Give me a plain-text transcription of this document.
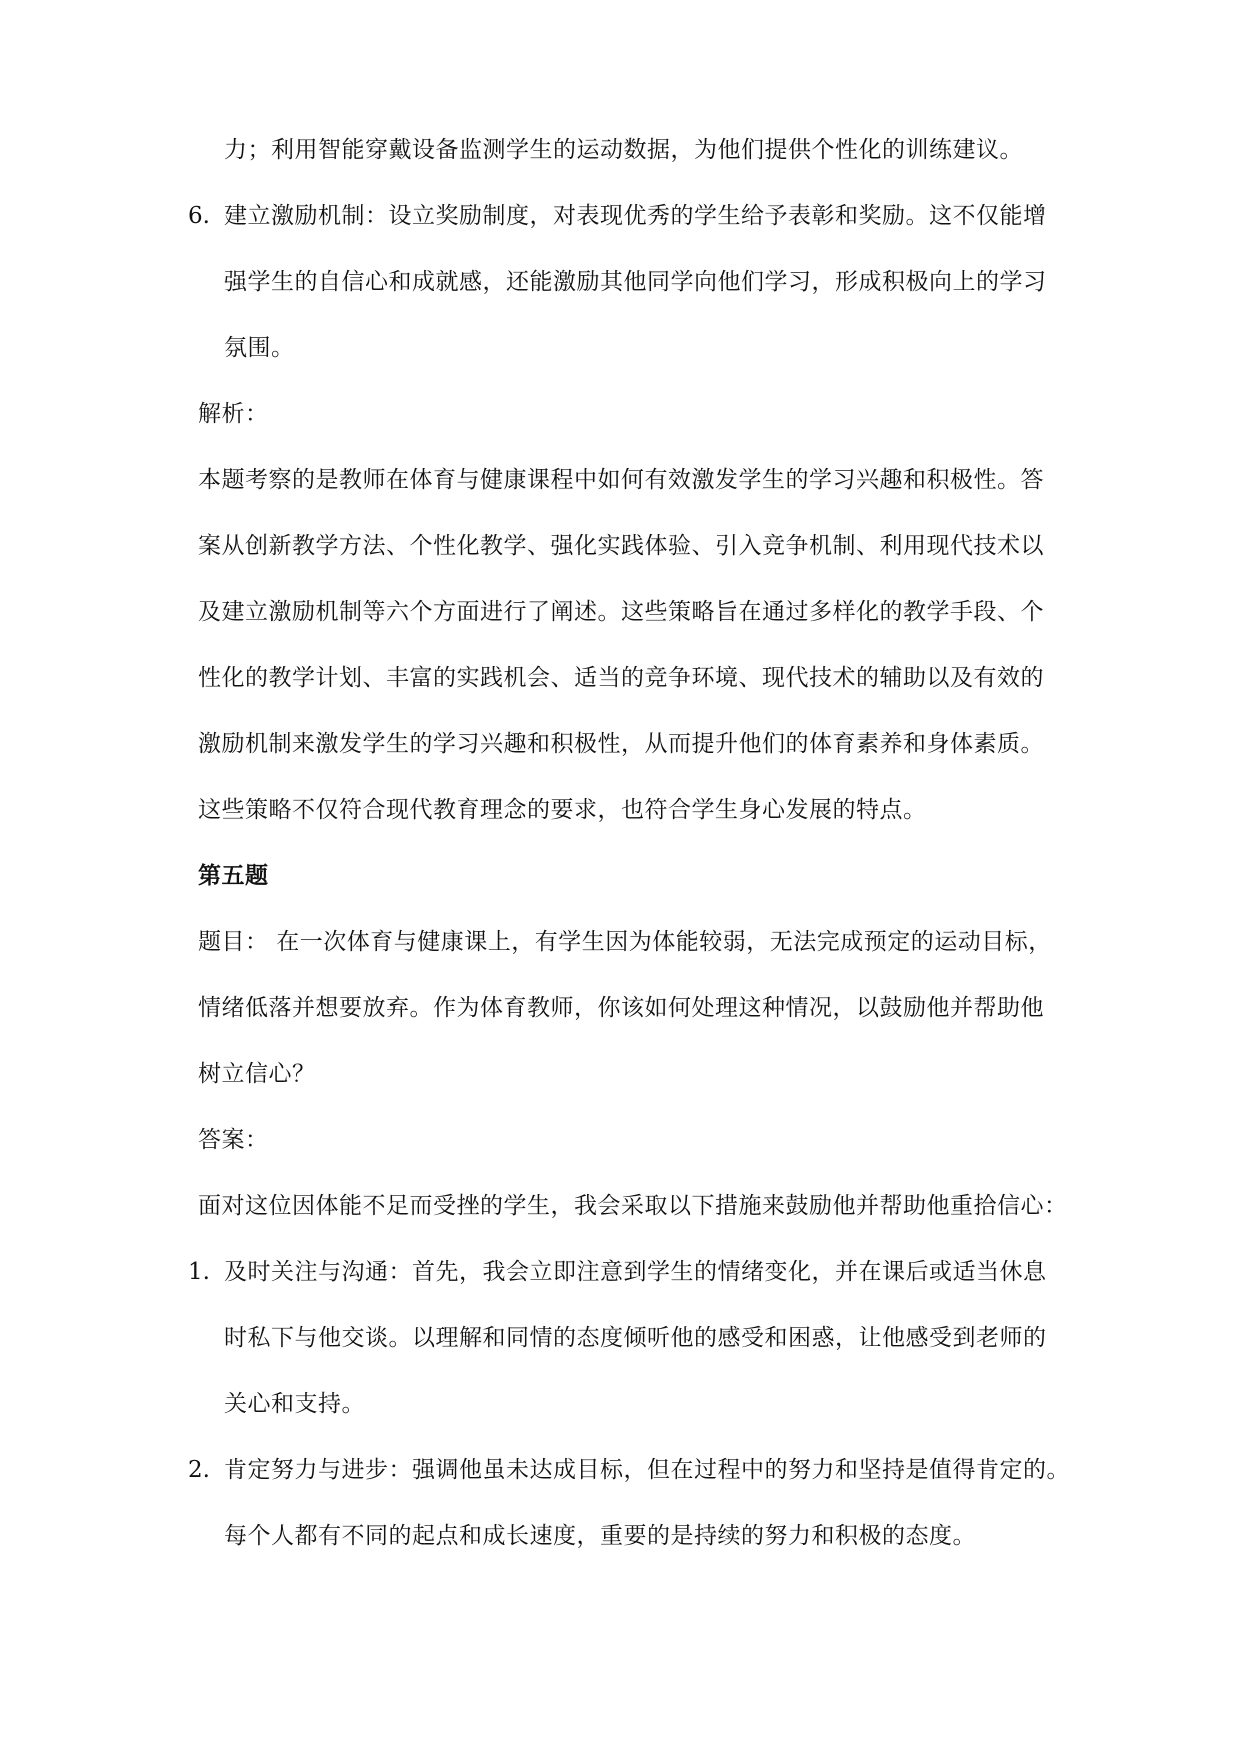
力；利用智能穿戴设备监测学生的运动数据，为他们提供个性化的训练建议。
6. 建立激励机制：设立奖励制度，对表现优秀的学生给予表彰和奖励。这不仅能增
强学生的自信心和成就感，还能激励其他同学向他们学习，形成积极向上的学习
氛围。
解析：
本题考察的是教师在体育与健康课程中如何有效激发学生的学习兴趣和积极性。答
案从创新教学方法、个性化教学、强化实践体验、引入竞争机制、利用现代技术以
及建立激励机制等六个方面进行了阐述。这些策略旨在通过多样化的教学手段、个
性化的教学计划、丰富的实践机会、适当的竞争环境、现代技术的辅助以及有效的
激励机制来激发学生的学习兴趣和积极性，从而提升他们的体育素养和身体素质。
这些策略不仅符合现代教育理念的要求，也符合学生身心发展的特点。
第五题
题目： 在一次体育与健康课上，有学生因为体能较弱，无法完成预定的运动目标，
情绪低落并想要放弃。作为体育教师，你该如何处理这种情况，以鼓励他并帮助他
树立信心？
答案：
面对这位因体能不足而受挫的学生，我会采取以下措施来鼓励他并帮助他重拾信心：
1. 及时关注与沟通：首先，我会立即注意到学生的情绪变化，并在课后或适当休息
时私下与他交谈。以理解和同情的态度倾听他的感受和困惑，让他感受到老师的
关心和支持。
2. 肯定努力与进步：强调他虽未达成目标，但在过程中的努力和坚持是值得肯定的。
每个人都有不同的起点和成长速度，重要的是持续的努力和积极的态度。
